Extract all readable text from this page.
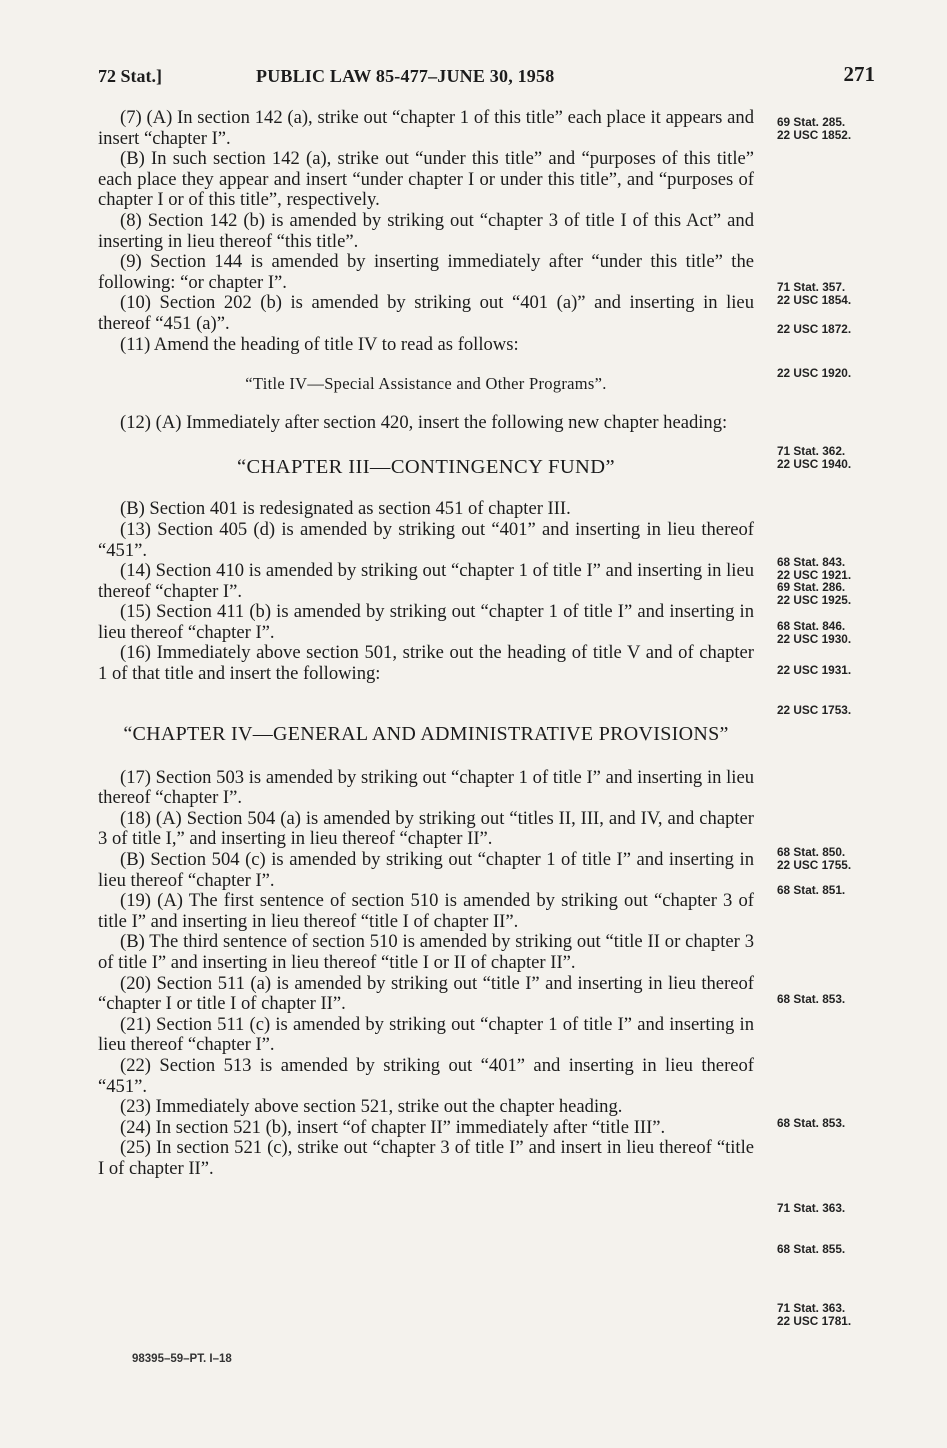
72 Stat.]	PUBLIC LAW 85-477–JUNE 30, 1958	271

(7) (A) In section 142 (a), strike out “chapter 1 of this title” each place it appears and insert “chapter I”.

(B) In such section 142 (a), strike out “under this title” and “purposes of this title” each place they appear and insert “under chapter I or under this title”, and “purposes of chapter I or of this title”, respectively.

(8) Section 142 (b) is amended by striking out “chapter 3 of title I of this Act” and inserting in lieu thereof “this title”.

(9) Section 144 is amended by inserting immediately after “under this title” the following: “or chapter I”.

(10) Section 202 (b) is amended by striking out “401 (a)” and inserting in lieu thereof “451 (a)”.

(11) Amend the heading of title IV to read as follows:

“Title IV—Special Assistance and Other Programs”.

(12) (A) Immediately after section 420, insert the following new chapter heading:

“CHAPTER III—CONTINGENCY FUND”

(B) Section 401 is redesignated as section 451 of chapter III.

(13) Section 405 (d) is amended by striking out “401” and inserting in lieu thereof “451”.

(14) Section 410 is amended by striking out “chapter 1 of title I” and inserting in lieu thereof “chapter I”.

(15) Section 411 (b) is amended by striking out “chapter 1 of title I” and inserting in lieu thereof “chapter I”.

(16) Immediately above section 501, strike out the heading of title V and of chapter 1 of that title and insert the following:

“CHAPTER IV—GENERAL AND ADMINISTRATIVE PROVISIONS”

(17) Section 503 is amended by striking out “chapter 1 of title I” and inserting in lieu thereof “chapter I”.

(18) (A) Section 504 (a) is amended by striking out “titles II, III, and IV, and chapter 3 of title I,” and inserting in lieu thereof “chapter II”.

(B) Section 504 (c) is amended by striking out “chapter 1 of title I” and inserting in lieu thereof “chapter I”.

(19) (A) The first sentence of section 510 is amended by striking out “chapter 3 of title I” and inserting in lieu thereof “title I of chapter II”.

(B) The third sentence of section 510 is amended by striking out “title II or chapter 3 of title I” and inserting in lieu thereof “title I or II of chapter II”.

(20) Section 511 (a) is amended by striking out “title I” and inserting in lieu thereof “chapter I or title I of chapter II”.

(21) Section 511 (c) is amended by striking out “chapter 1 of title I” and inserting in lieu thereof “chapter I”.

(22) Section 513 is amended by striking out “401” and inserting in lieu thereof “451”.

(23) Immediately above section 521, strike out the chapter heading.

(24) In section 521 (b), insert “of chapter II” immediately after “title III”.

(25) In section 521 (c), strike out “chapter 3 of title I” and insert in lieu thereof “title I of chapter II”.

69 Stat. 285.
22 USC 1852.
71 Stat. 357.
22 USC 1854.
22 USC 1872.
22 USC 1920.
71 Stat. 362.
22 USC 1940.
68 Stat. 843.
22 USC 1921.
69 Stat. 286.
22 USC 1925.
68 Stat. 846.
22 USC 1930.
22 USC 1931.
22 USC 1753.
68 Stat. 850.
22 USC 1755.
68 Stat. 851.
68 Stat. 853.
68 Stat. 853.
71 Stat. 363.
68 Stat. 855.
71 Stat. 363.
22 USC 1781.
98395–59–PT. I–18
